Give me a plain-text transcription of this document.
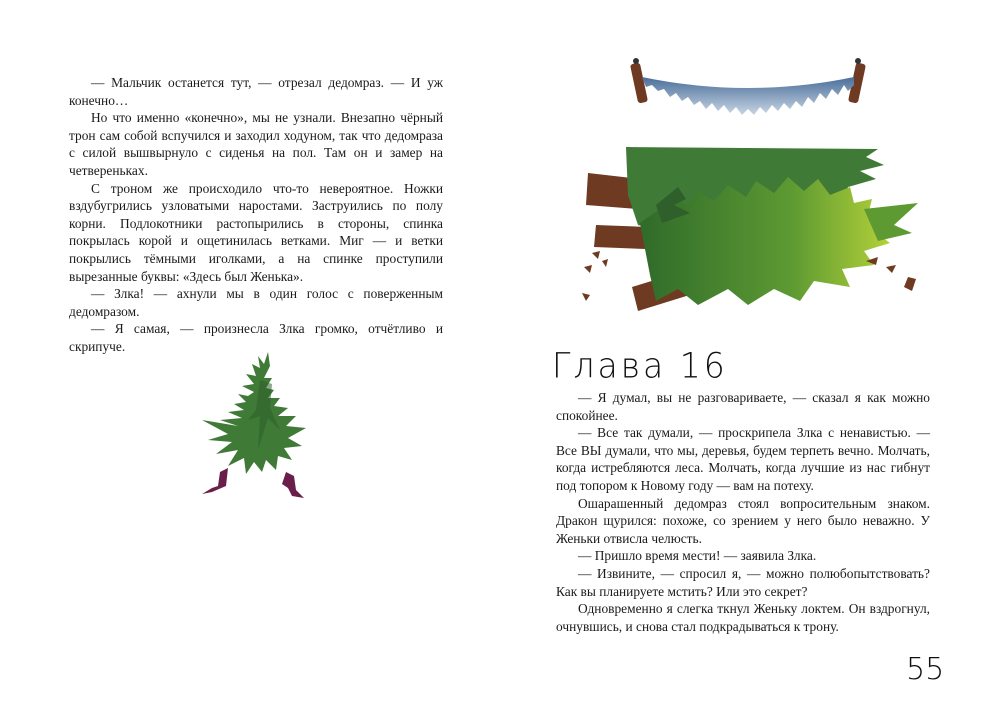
— Мальчик останется тут, — отрезал дедомраз. — И уж конечно…

Но что именно «конечно», мы не узнали. Внезапно чёрный трон сам собой вспучился и заходил ходуном, так что дедомраза с силой вышвырнуло с сиденья на пол. Там он и замер на четвереньках.

С троном же происходило что-то невероятное. Ножки вздубугрились узловатыми наростами. Заструились по полу корни. Подлокотники растопырились в стороны, спинка покрылась корой и ощетинилась ветками. Миг — и ветки покрылись тёмными иголками, а на спинке проступили вырезанные буквы: «Здесь был Женька».

— Злка! — ахнули мы в один голос с поверженным дедомразом.

— Я самая, — произнесла Злка громко, отчётливо и скрипуче.	Глава 16

— Я думал, вы не разговариваете, — сказал я как можно спокойнее.

— Все так думали, — проскрипела Злка с ненавистью. — Все ВЫ думали, что мы, деревья, будем терпеть вечно. Молчать, когда истребляются леса. Молчать, когда лучшие из нас гибнут под топором к Новому году — вам на потеху.

Ошарашенный дедомраз стоял вопросительным знаком. Дракон щурился: похоже, со зрением у него было неважно. У Женьки отвисла челюсть.

— Пришло время мести! — заявила Злка.

— Извините, — спросил я, — можно полюбопытствовать? Как вы планируете мстить? Или это секрет?

Одновременно я слегка ткнул Женьку локтем. Он вздрогнул, очнувшись, и снова стал подкрадываться к трону.

55
